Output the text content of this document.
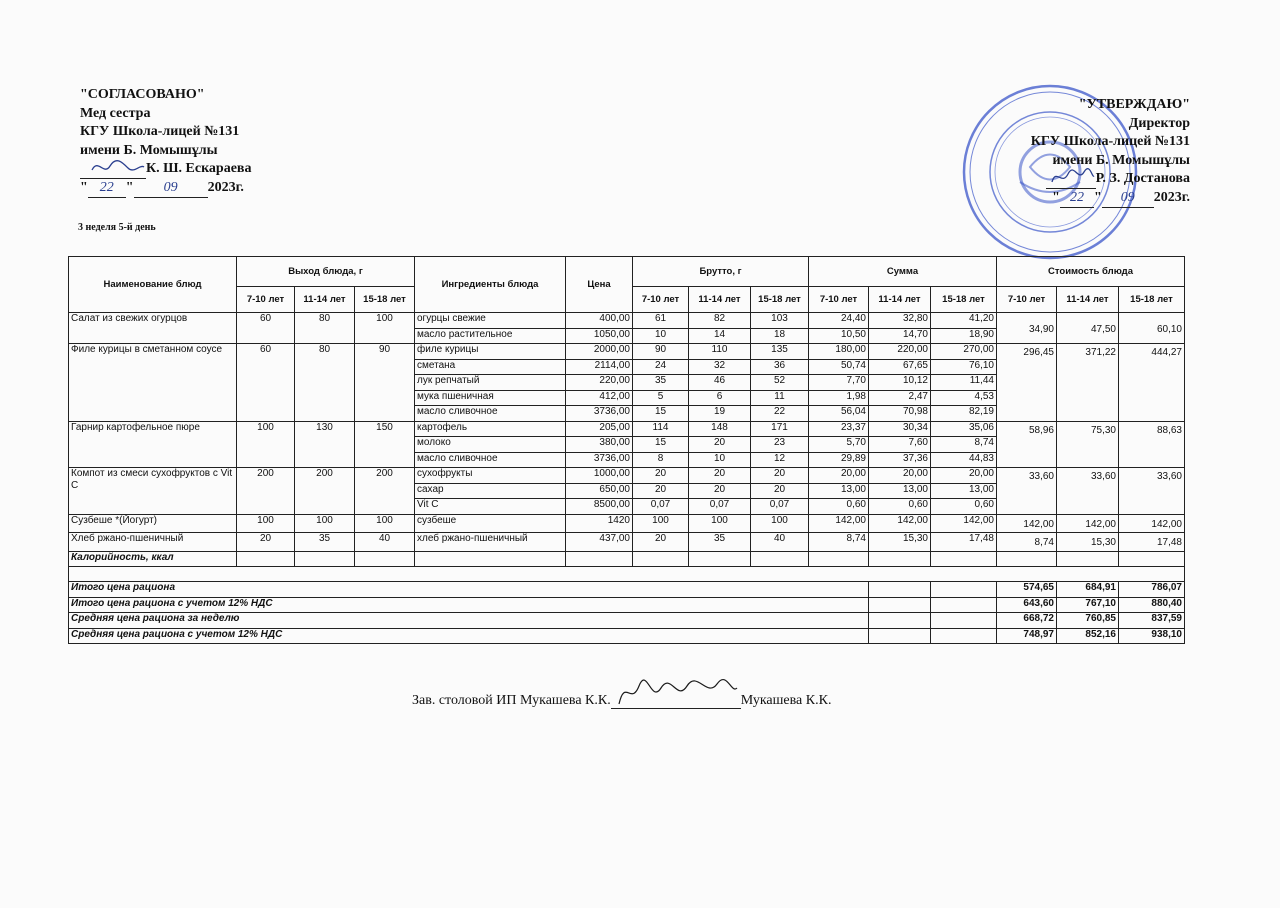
"СОГЛАСОВАНО"
Мед сестра
КГУ Школа-лицей №131
имени Б. Момышұлы
К. Ш. Ескараева
" 22 " 09 2023г.
"УТВЕРЖДАЮ"
Директор
КГУ Школа-лицей №131
имени Б. Момышұлы
Р. З. Достанова
" 22 " 09 2023г.
3 неделя 5-й день
Наименование блюд	Выход блюда, г			Ингредиенты блюда	Цена	Брутто, г			Сумма			Стоимость блюда		
	7-10 лет	11-14 лет	15-18 лет			7-10 лет	11-14 лет	15-18 лет	7-10 лет	11-14 лет	15-18 лет	7-10 лет	11-14 лет	15-18 лет
Салат из свежих огурцов	60	80	100	огурцы свежие	400,00	61	82	103	24,40	32,80	41,20	34,90	47,50	60,10
				масло растительное	1050,00	10	14	18	10,50	14,70	18,90			
Филе курицы в сметанном соусе	60	80	90	филе курицы	2000,00	90	110	135	180,00	220,00	270,00	296,45	371,22	444,27
				сметана	2114,00	24	32	36	50,74	67,65	76,10			
				лук репчатый	220,00	35	46	52	7,70	10,12	11,44			
				мука пшеничная	412,00	5	6	11	1,98	2,47	4,53			
				масло сливочное	3736,00	15	19	22	56,04	70,98	82,19			
Гарнир картофельное пюре	100	130	150	картофель	205,00	114	148	171	23,37	30,34	35,06	58,96	75,30	88,63
				молоко	380,00	15	20	23	5,70	7,60	8,74			
				масло сливочное	3736,00	8	10	12	29,89	37,36	44,83			
Компот из смеси сухофруктов с Vit C	200	200	200	сухофрукты	1000,00	20	20	20	20,00	20,00	20,00	33,60	33,60	33,60
				сахар	650,00	20	20	20	13,00	13,00	13,00			
				Vit C	8500,00	0,07	0,07	0,07	0,60	0,60	0,60			
Сузбеше *(Йогурт)	100	100	100	сузбеше	1420	100	100	100	142,00	142,00	142,00	142,00	142,00	142,00
Хлеб ржано-пшеничный	20	35	40	хлеб ржано-пшеничный	437,00	20	35	40	8,74	15,30	17,48	8,74	15,30	17,48
Калорийность, ккал														

Итого цена рациона												574,65	684,91	786,07
Итого цена рациона с учетом 12% НДС												643,60	767,10	880,40
Средняя цена рациона за неделю												668,72	760,85	837,59
Средняя цена рациона с учетом 12% НДС												748,97	852,16	938,10
Зав. столовой ИП Мукашева К.К.	Мукашева К.К.
